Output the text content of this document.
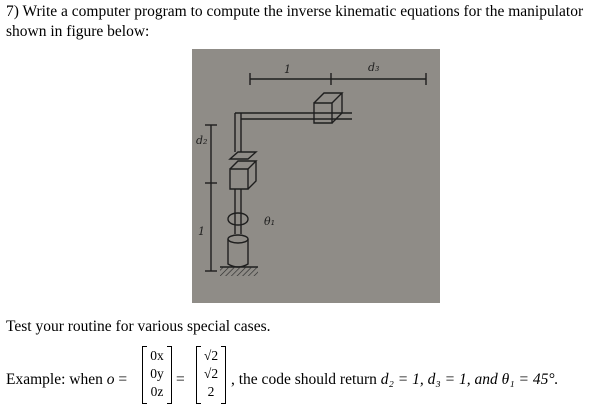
7) Write a computer program to compute the inverse kinematic equations for the manipulator
shown in figure below:
1	d₃
d₂
1
θ₁
Test your routine for various special cases.
Example: when o =
0x
0y
0z
=
√2
√2
2
, the code should return d₂ = 1, d₃ = 1, and θ₁ = 45°.
